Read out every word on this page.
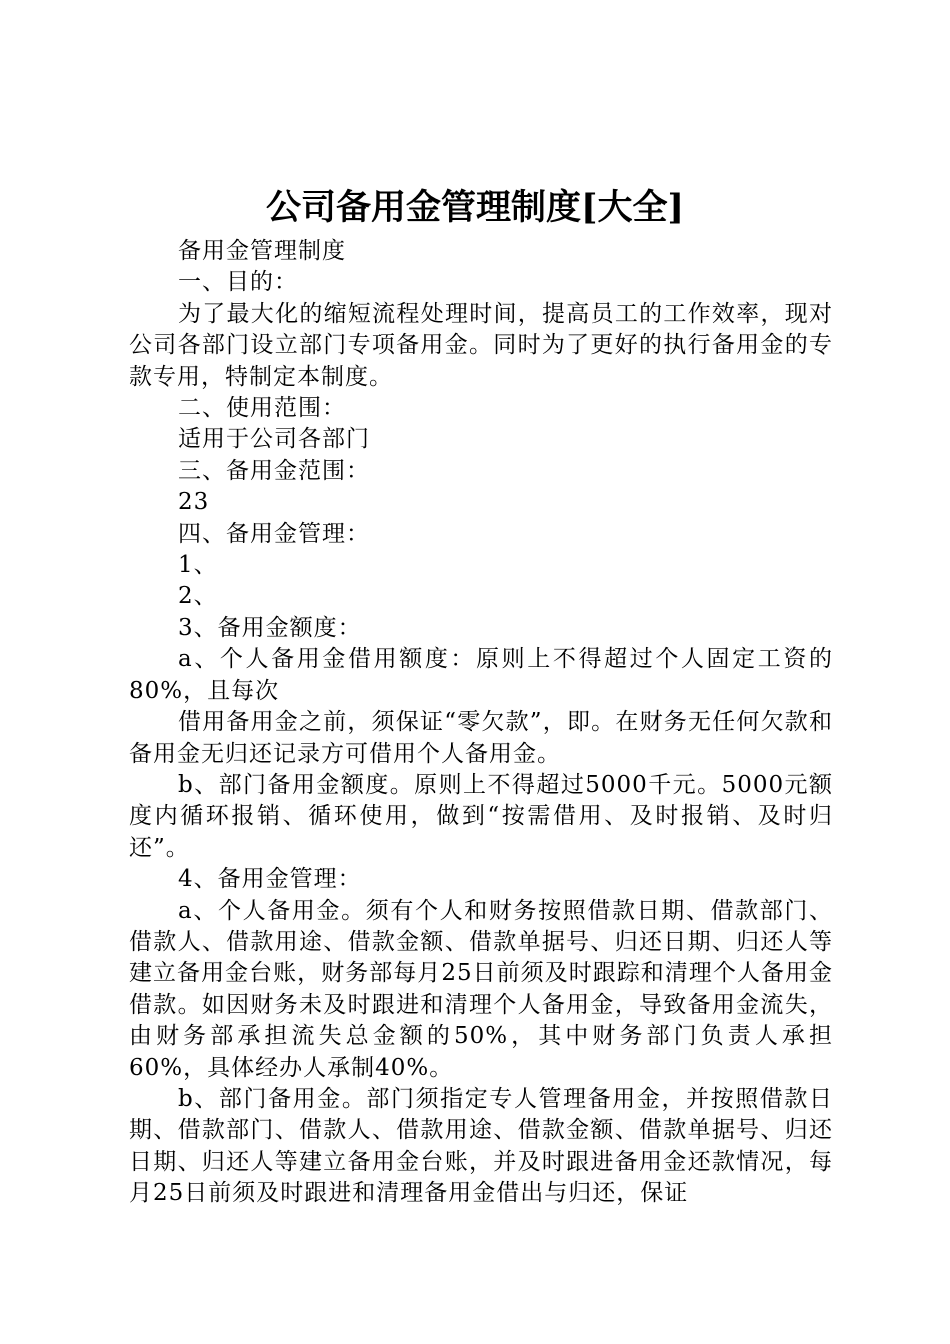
公司备用金管理制度[大全]

备用金管理制度

一、目的：

为了最大化的缩短流程处理时间，提高员工的工作效率，现对公司各部门设立部门专项备用金。同时为了更好的执行备用金的专款专用，特制定本制度。

二、使用范围：

适用于公司各部门

三、备用金范围：

23

四、备用金管理：

1、

2、

3、备用金额度：

a、个人备用金借用额度：原则上不得超过个人固定工资的80%，且每次

借用备用金之前，须保证“零欠款”，即。在财务无任何欠款和备用金无归还记录方可借用个人备用金。

b、部门备用金额度。原则上不得超过5000千元。5000元额度内循环报销、循环使用，做到“按需借用、及时报销、及时归还”。

4、备用金管理：

a、个人备用金。须有个人和财务按照借款日期、借款部门、借款人、借款用途、借款金额、借款单据号、归还日期、归还人等建立备用金台账，财务部每月25日前须及时跟踪和清理个人备用金借款。如因财务未及时跟进和清理个人备用金，导致备用金流失，由财务部承担流失总金额的50%，其中财务部门负责人承担60%，具体经办人承制40%。

b、部门备用金。部门须指定专人管理备用金，并按照借款日期、借款部门、借款人、借款用途、借款金额、借款单据号、归还日期、归还人等建立备用金台账，并及时跟进备用金还款情况，每月25日前须及时跟进和清理备用金借出与归还，保证
